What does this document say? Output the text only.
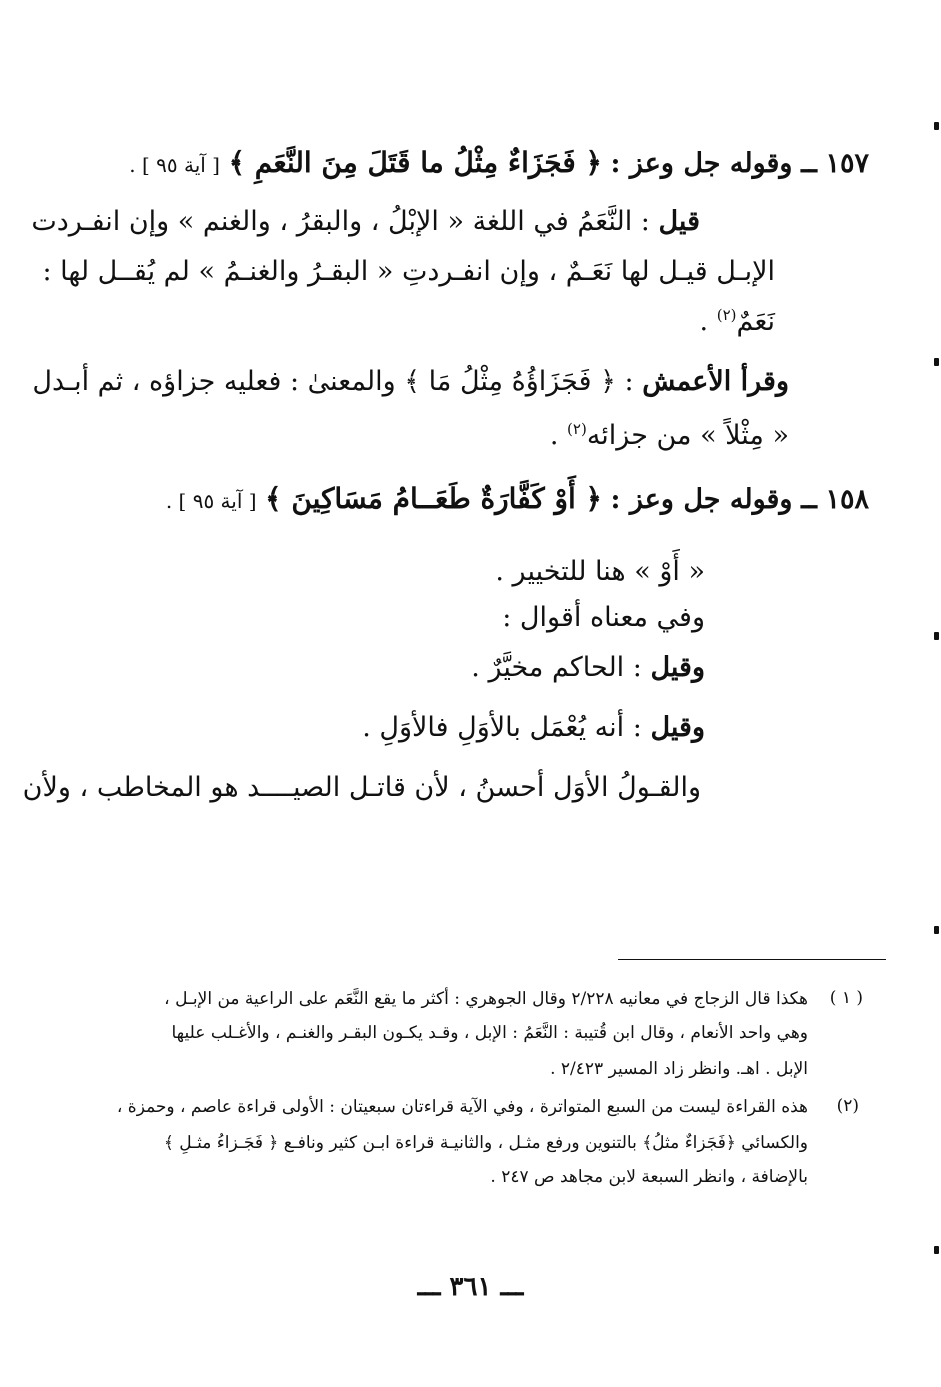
١٥٧ ــ وقوله جل وعز : ﴿ فَجَزَاءٌ مِثْلُ ما قَتَلَ مِنَ النَّعَمِ ﴾ [ آية ٩٥ ] .
قيل : النَّعَمُ في اللغة « الإبْلُ ، والبقرُ ، والغنم » وإن انفـردت
الإبـل قيـل لها نَعَـمٌ ، وإن انفـردتِ « البقـرُ والغنـمُ » لم يُقــل لها :
نَعَمٌ$^{(٢)}$ .
وقرأ الأعمش : ﴿ فَجَزَاؤُهُ مِثْلُ مَا ﴾ والمعنىٰ : فعليه جزاؤه ، ثم أبـدل
« مِثْلاً » من جزائه$^{(٢)}$ .
١٥٨ ــ وقوله جل وعز : ﴿ أَوْ كَفَّارَةٌ طَعَــامُ مَسَاكِينَ ﴾ [ آية ٩٥ ] .
« أَوْ » هنا للتخيير .
وفي معناه أقوال :
وقيل : الحاكم مخيَّرٌ .
وقيل : أنه يُعْمَل بالأوَلِ فالأوَلِ .
والقـولُ الأوَل أحسنُ ، لأن قاتـل الصيــــد هو المخاطب ، ولأن
( ١ )
هكذا قال الزجاج في معانيه ٢/٢٢٨ وقال الجوهري : أكثر ما يقع النَّعَم على الراعية من الإبـل ،
وهي واحد الأنعام ، وقال ابن قُتيبة : النَّعَمُ : الإبل ، وقـد يكـون البقـر والغنـم ، والأغـلب عليها
الإبل . اهـ. وانظر زاد المسير ٢/٤٢٣ .
(٢)
هذه القراءة ليست من السبع المتواترة ، وفي الآية قراءتان سبعيتان : الأولى قراءة عاصم ، وحمزة ،
والكسائي ﴿فَجَزاءٌ مثلُ﴾ بالتنوين ورفع مثـل ، والثانيـة قراءة ابـن كثير ونافـع ﴿ فَجَـزاءُ مثـلِ ﴾
بالإضافة ، وانظر السبعة لابن مجاهد ص ٢٤٧ .
ـــ ٣٦١ ـــ
